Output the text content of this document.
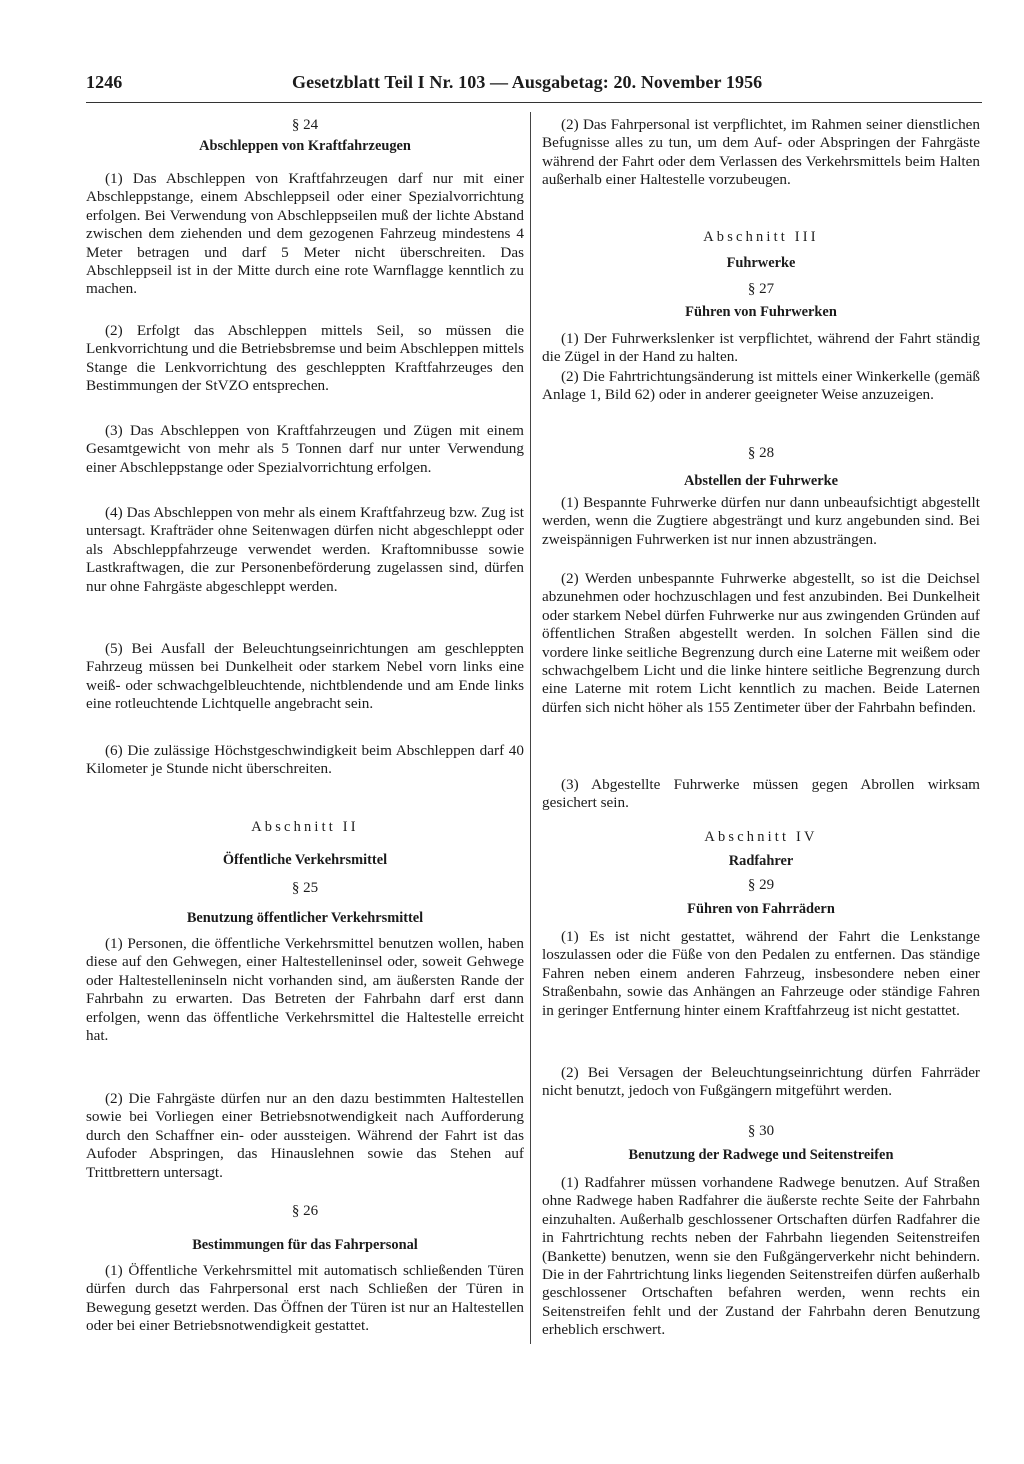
1246	Gesetzblatt Teil I Nr. 103 — Ausgabetag: 20. November 1956
§ 24
Abschleppen von Kraftfahrzeugen

(1) Das Abschleppen von Kraftfahrzeugen darf nur mit einer Abschleppstange, einem Abschleppseil oder einer Spezialvorrichtung erfolgen. Bei Verwendung von Abschleppseilen muß der lichte Abstand zwischen dem ziehenden und dem gezogenen Fahrzeug mindestens 4 Meter betragen und darf 5 Meter nicht überschreiten. Das Abschleppseil ist in der Mitte durch eine rote Warnflagge kenntlich zu machen.

(2) Erfolgt das Abschleppen mittels Seil, so müssen die Lenkvorrichtung und die Betriebsbremse und beim Abschleppen mittels Stange die Lenkvorrichtung des geschleppten Kraftfahrzeuges den Bestimmungen der StVZO entsprechen.

(3) Das Abschleppen von Kraftfahrzeugen und Zügen mit einem Gesamtgewicht von mehr als 5 Tonnen darf nur unter Verwendung einer Abschleppstange oder Spezialvorrichtung erfolgen.

(4) Das Abschleppen von mehr als einem Kraftfahrzeug bzw. Zug ist untersagt. Krafträder ohne Seitenwagen dürfen nicht abgeschleppt oder als Abschleppfahrzeuge verwendet werden. Kraftomnibusse sowie Lastkraftwagen, die zur Personenbeförderung zugelassen sind, dürfen nur ohne Fahrgäste abgeschleppt werden.

(5) Bei Ausfall der Beleuchtungseinrichtungen am geschleppten Fahrzeug müssen bei Dunkelheit oder starkem Nebel vorn links eine weiß- oder schwachgelbleuchtende, nichtblendende und am Ende links eine rotleuchtende Lichtquelle angebracht sein.

(6) Die zulässige Höchstgeschwindigkeit beim Abschleppen darf 40 Kilometer je Stunde nicht überschreiten.

Abschnitt II
Öffentliche Verkehrsmittel
§ 25
Benutzung öffentlicher Verkehrsmittel

(1) Personen, die öffentliche Verkehrsmittel benutzen wollen, haben diese auf den Gehwegen, einer Haltestelleninsel oder, soweit Gehwege oder Haltestelleninseln nicht vorhanden sind, am äußersten Rande der Fahrbahn zu erwarten. Das Betreten der Fahrbahn darf erst dann erfolgen, wenn das öffentliche Verkehrsmittel die Haltestelle erreicht hat.

(2) Die Fahrgäste dürfen nur an den dazu bestimmten Haltestellen sowie bei Vorliegen einer Betriebsnotwendigkeit nach Aufforderung durch den Schaffner ein- oder aussteigen. Während der Fahrt ist das Aufoder Abspringen, das Hinauslehnen sowie das Stehen auf Trittbrettern untersagt.

§ 26
Bestimmungen für das Fahrpersonal

(1) Öffentliche Verkehrsmittel mit automatisch schließenden Türen dürfen durch das Fahrpersonal erst nach Schließen der Türen in Bewegung gesetzt werden. Das Öffnen der Türen ist nur an Haltestellen oder bei einer Betriebsnotwendigkeit gestattet.

(2) Das Fahrpersonal ist verpflichtet, im Rahmen seiner dienstlichen Befugnisse alles zu tun, um dem Auf- oder Abspringen der Fahrgäste während der Fahrt oder dem Verlassen des Verkehrsmittels beim Halten außerhalb einer Haltestelle vorzubeugen.

Abschnitt III
Fuhrwerke
§ 27
Führen von Fuhrwerken

(1) Der Fuhrwerkslenker ist verpflichtet, während der Fahrt ständig die Zügel in der Hand zu halten.

(2) Die Fahrtrichtungsänderung ist mittels einer Winkerkelle (gemäß Anlage 1, Bild 62) oder in anderer geeigneter Weise anzuzeigen.

§ 28
Abstellen der Fuhrwerke

(1) Bespannte Fuhrwerke dürfen nur dann unbeaufsichtigt abgestellt werden, wenn die Zugtiere abgesträngt und kurz angebunden sind. Bei zweispännigen Fuhrwerken ist nur innen abzusträngen.

(2) Werden unbespannte Fuhrwerke abgestellt, so ist die Deichsel abzunehmen oder hochzuschlagen und fest anzubinden. Bei Dunkelheit oder starkem Nebel dürfen Fuhrwerke nur aus zwingenden Gründen auf öffentlichen Straßen abgestellt werden. In solchen Fällen sind die vordere linke seitliche Begrenzung durch eine Laterne mit weißem oder schwachgelbem Licht und die linke hintere seitliche Begrenzung durch eine Laterne mit rotem Licht kenntlich zu machen. Beide Laternen dürfen sich nicht höher als 155 Zentimeter über der Fahrbahn befinden.

(3) Abgestellte Fuhrwerke müssen gegen Abrollen wirksam gesichert sein.

Abschnitt IV
Radfahrer
§ 29
Führen von Fahrrädern

(1) Es ist nicht gestattet, während der Fahrt die Lenkstange loszulassen oder die Füße von den Pedalen zu entfernen. Das ständige Fahren neben einem anderen Fahrzeug, insbesondere neben einer Straßenbahn, sowie das Anhängen an Fahrzeuge oder ständige Fahren in geringer Entfernung hinter einem Kraftfahrzeug ist nicht gestattet.

(2) Bei Versagen der Beleuchtungseinrichtung dürfen Fahrräder nicht benutzt, jedoch von Fußgängern mitgeführt werden.

§ 30
Benutzung der Radwege und Seitenstreifen

(1) Radfahrer müssen vorhandene Radwege benutzen. Auf Straßen ohne Radwege haben Radfahrer die äußerste rechte Seite der Fahrbahn einzuhalten. Außerhalb geschlossener Ortschaften dürfen Radfahrer die in Fahrtrichtung rechts neben der Fahrbahn liegenden Seitenstreifen (Bankette) benutzen, wenn sie den Fußgängerverkehr nicht behindern. Die in der Fahrtrichtung links liegenden Seitenstreifen dürfen außerhalb geschlossener Ortschaften befahren werden, wenn rechts ein Seitenstreifen fehlt und der Zustand der Fahrbahn deren Benutzung erheblich erschwert.
